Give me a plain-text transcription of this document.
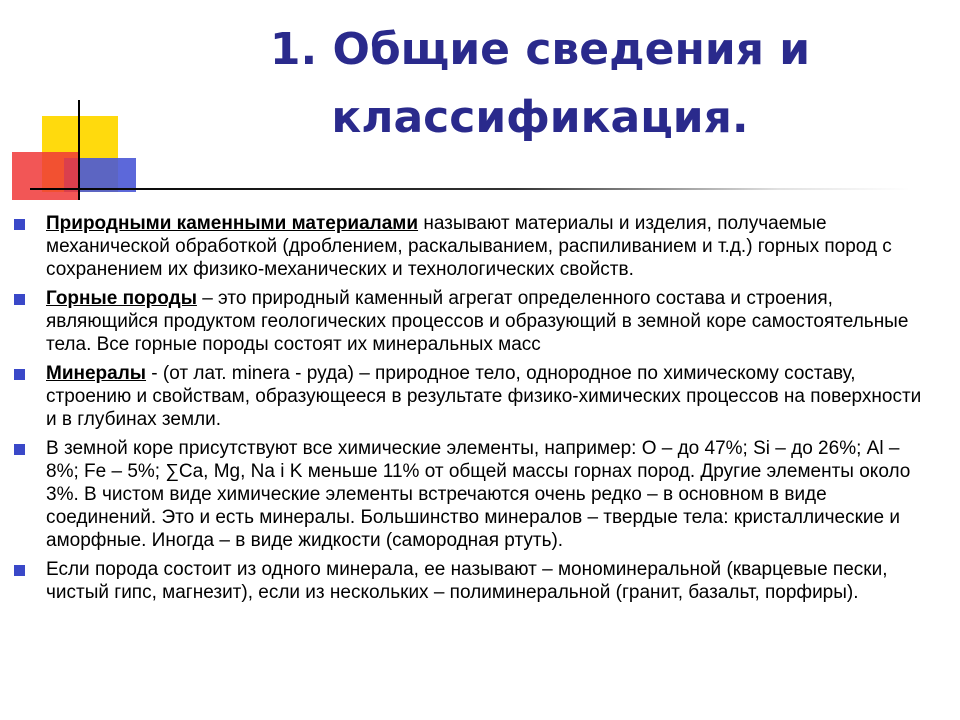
1. Общие сведения и классификация.
Природными каменными материалами называют материалы и изделия, получаемые механической обработкой (дроблением, раскалыванием, распиливанием и т.д.) горных пород с сохранением их физико-механических и технологических свойств.
Горные породы – это природный каменный агрегат определенного состава и строения, являющийся продуктом геологических процессов и образующий в земной коре самостоятельные тела. Все горные породы состоят их минеральных масс
Минералы - (от лат. minera - руда) – природное тело, однородное по химическому составу, строению и свойствам, образующееся в результате физико-химических процессов на поверхности и в глубинах земли.
В земной коре присутствуют все химические элементы, например: О – до 47%; Si – до 26%; Al – 8%; Fe – 5%; ∑Ca, Mg, Na i K меньше 11% от общей массы горнах пород. Другие элементы около 3%. В чистом виде химические элементы встречаются очень редко – в основном в виде соединений. Это и есть минералы. Большинство минералов – твердые тела: кристаллические и аморфные. Иногда – в виде жидкости (самородная ртуть).
Если порода состоит из одного минерала, ее называют – мономинеральной (кварцевые пески, чистый гипс, магнезит), если из нескольких – полиминеральной (гранит, базальт, порфиры).
